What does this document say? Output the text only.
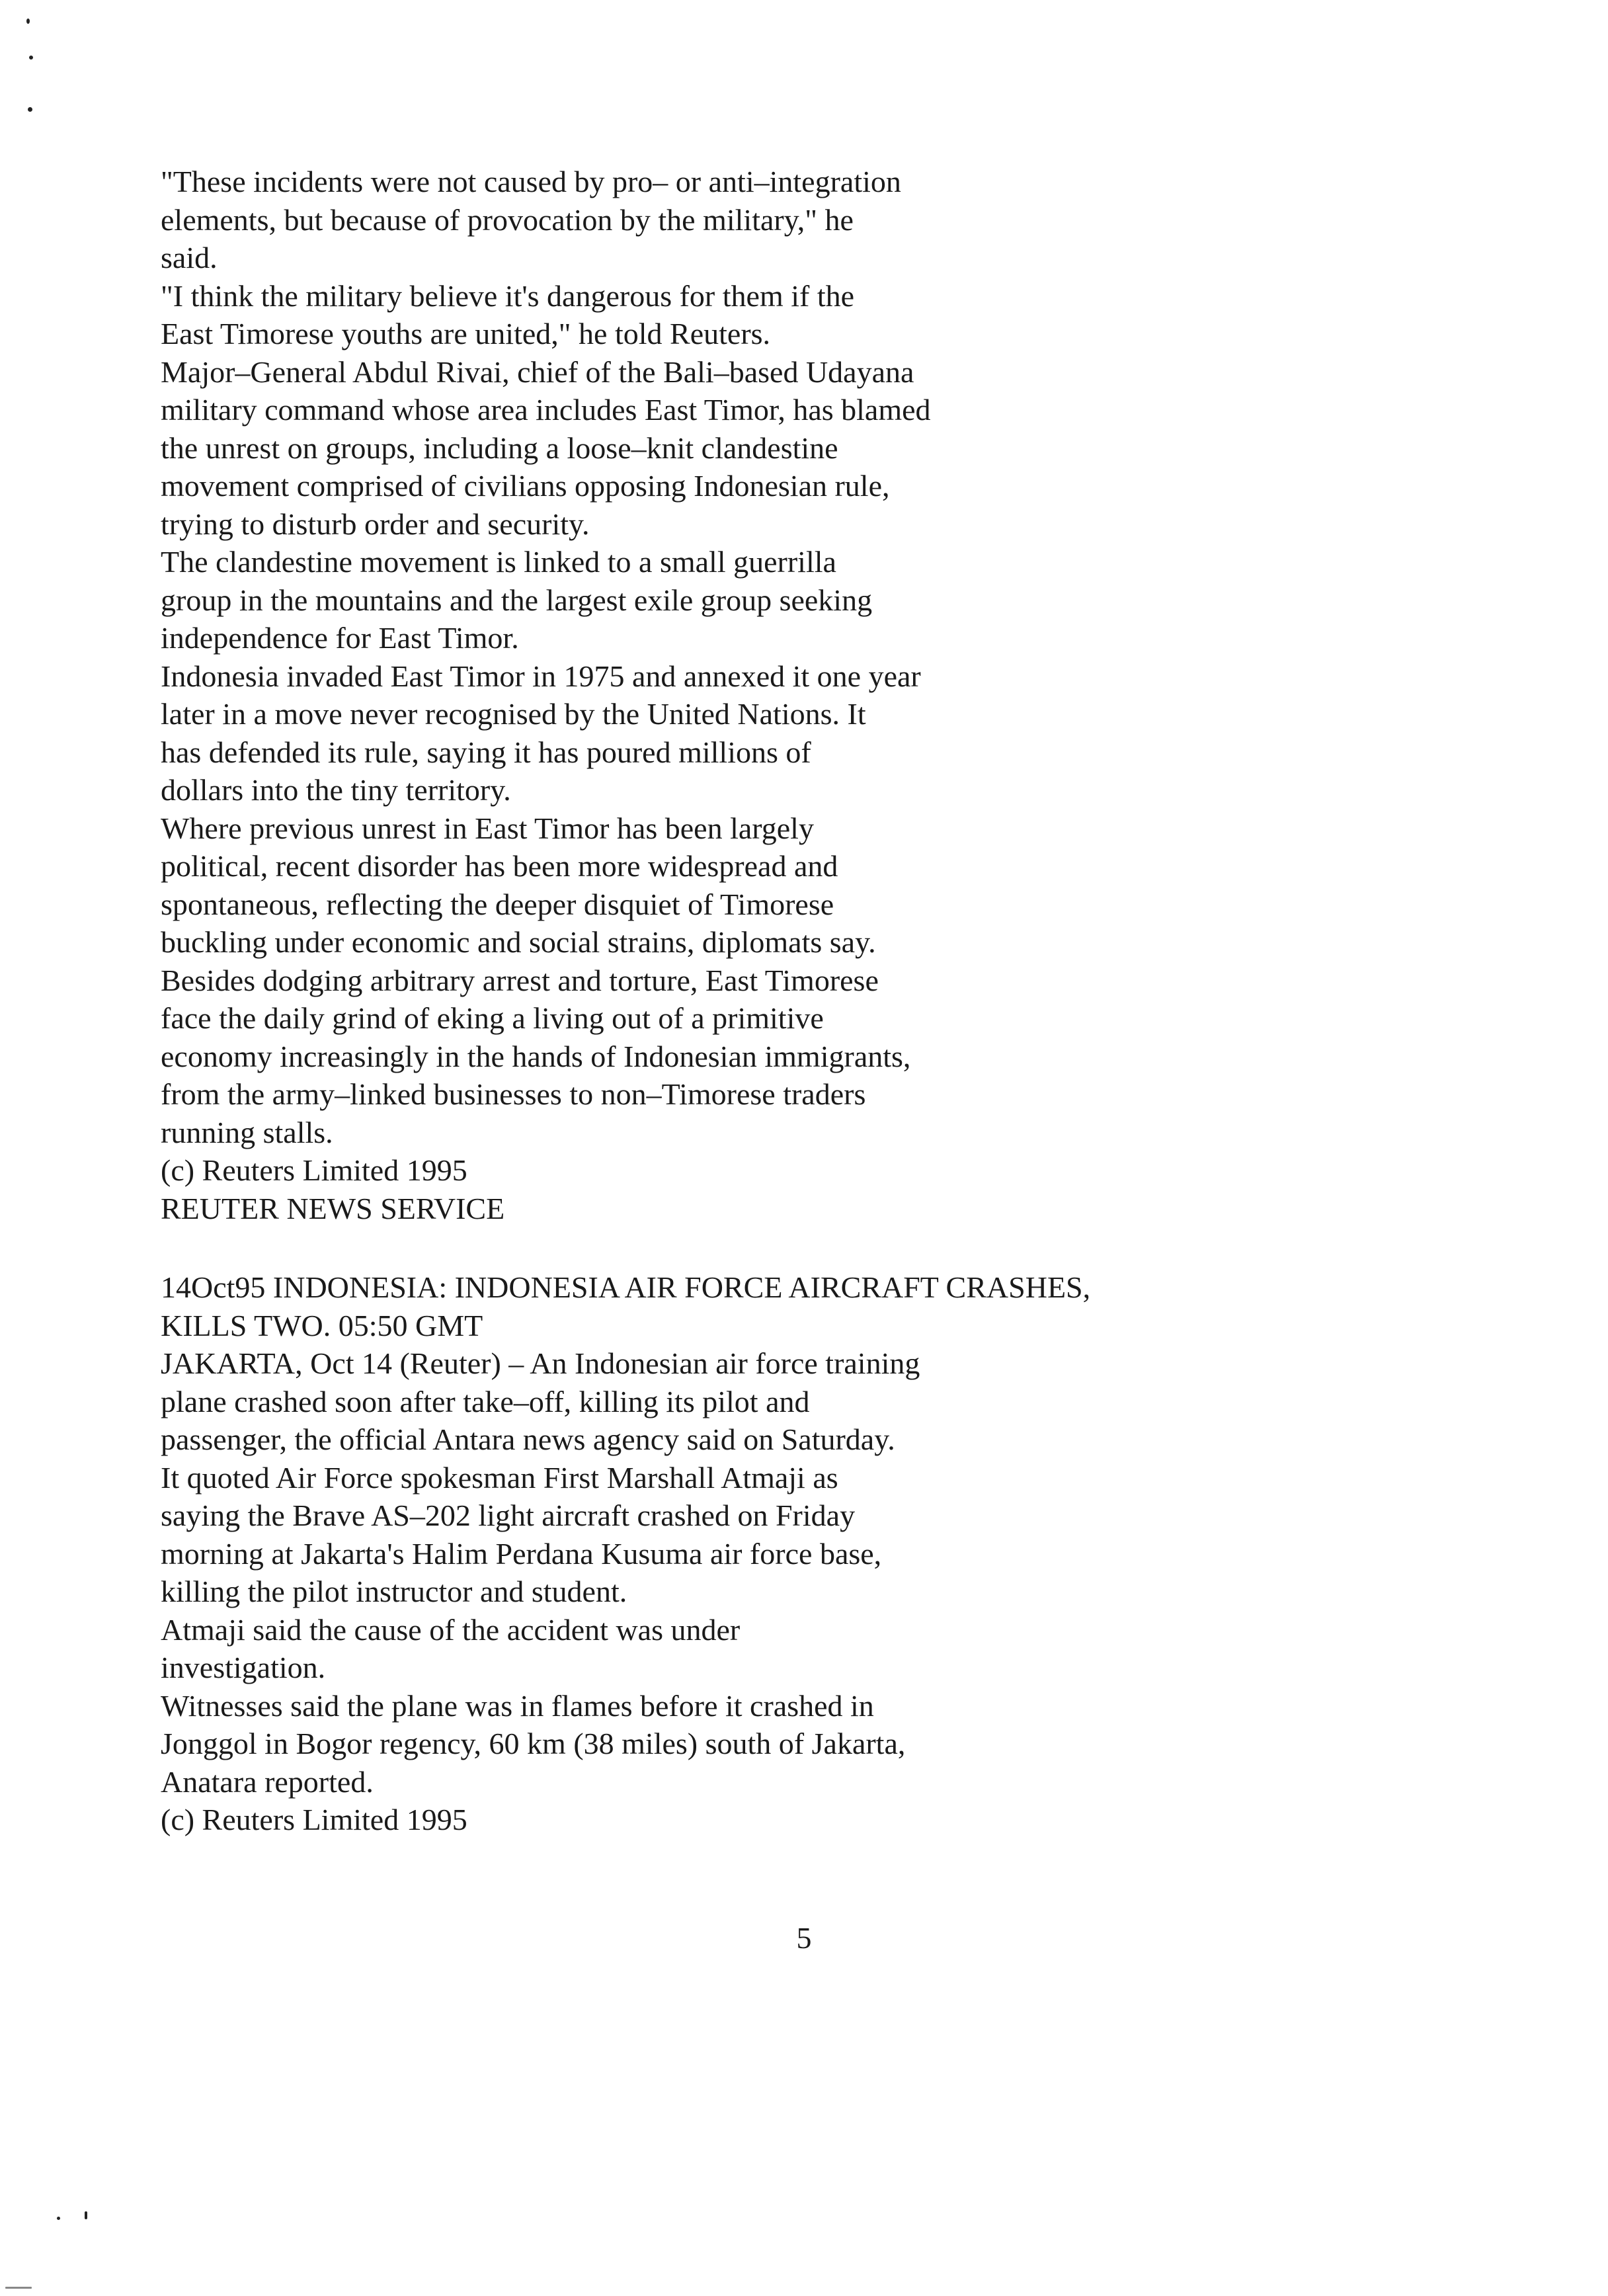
"These incidents were not caused by pro– or anti–integration
elements, but because of provocation by the military," he
said.
"I think the military believe it's dangerous for them if the
East Timorese youths are united," he told Reuters.
Major–General Abdul Rivai, chief of the Bali–based Udayana
military command whose area includes East Timor, has blamed
the unrest on groups, including a loose–knit clandestine
movement comprised of civilians opposing Indonesian rule,
trying to disturb order and security.
The clandestine movement is linked to a small guerrilla
group in the mountains and the largest exile group seeking
independence for East Timor.
Indonesia invaded East Timor in 1975 and annexed it one year
later in a move never recognised by the United Nations. It
has defended its rule, saying it has poured millions of
dollars into the tiny territory.
Where previous unrest in East Timor has been largely
political, recent disorder has been more widespread and
spontaneous, reflecting the deeper disquiet of Timorese
buckling under economic and social strains, diplomats say.
Besides dodging arbitrary arrest and torture, East Timorese
face the daily grind of eking a living out of a primitive
economy increasingly in the hands of Indonesian immigrants,
from the army–linked businesses to non–Timorese traders
running stalls.
(c) Reuters Limited 1995
REUTER NEWS SERVICE
14Oct95 INDONESIA: INDONESIA AIR FORCE AIRCRAFT CRASHES,
KILLS TWO. 05:50 GMT
JAKARTA, Oct 14 (Reuter) – An Indonesian air force training
plane crashed soon after take–off, killing its pilot and
passenger, the official Antara news agency said on Saturday.
It quoted Air Force spokesman First Marshall Atmaji as
saying the Brave AS–202 light aircraft crashed on Friday
morning at Jakarta's Halim Perdana Kusuma air force base,
killing the pilot instructor and student.
Atmaji said the cause of the accident was under
investigation.
Witnesses said the plane was in flames before it crashed in
Jonggol in Bogor regency, 60 km (38 miles) south of Jakarta,
Anatara reported.
(c) Reuters Limited 1995
5
